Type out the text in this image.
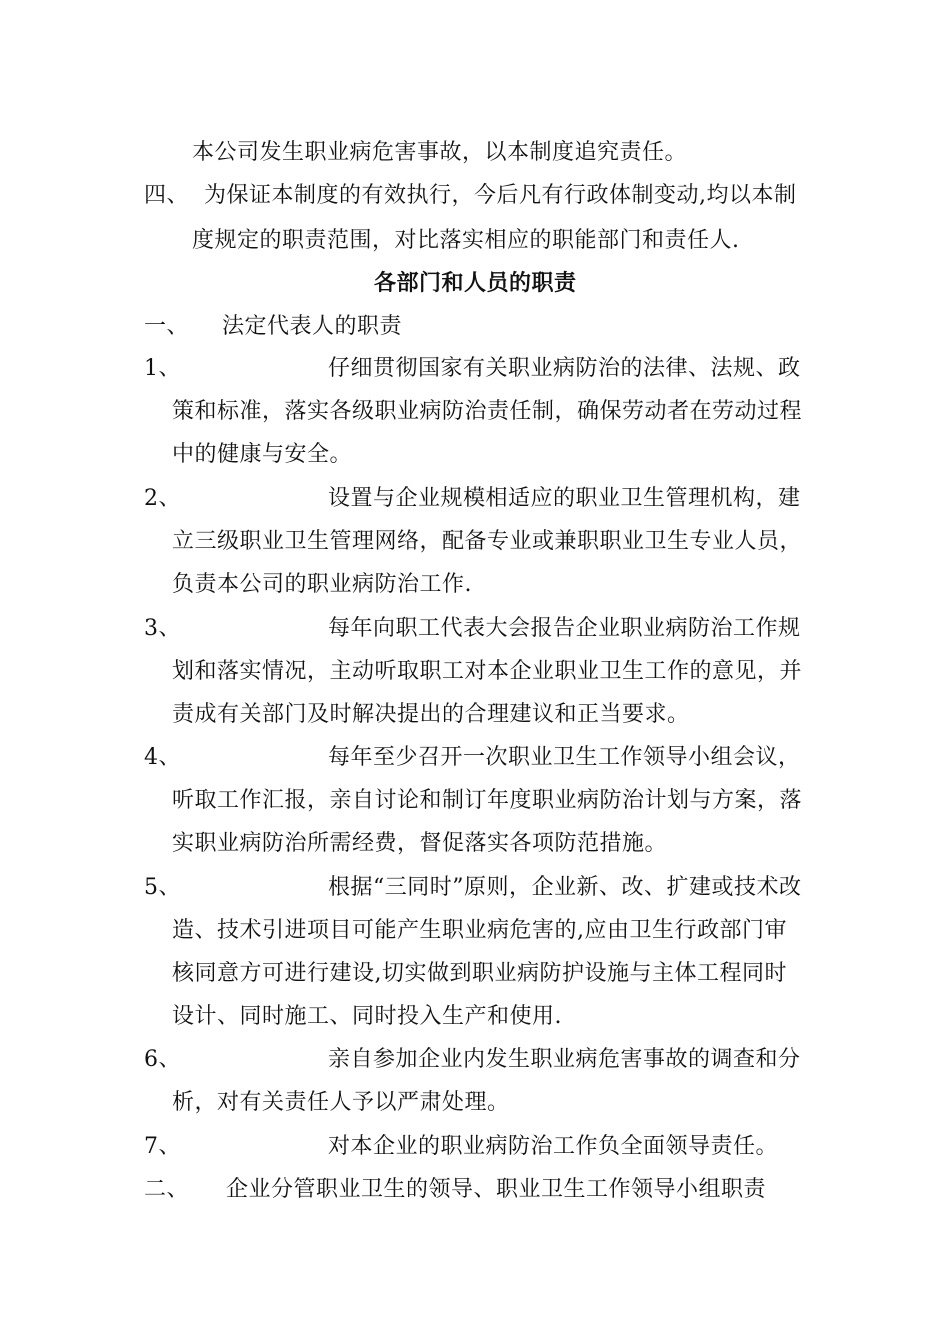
本公司发生职业病危害事故，以本制度追究责任。
四、 为保证本制度的有效执行，今后凡有行政体制变动,均以本制
度规定的职责范围，对比落实相应的职能部门和责任人.
各部门和人员的职责
一、 法定代表人的职责
1、	仔细贯彻国家有关职业病防治的法律、法规、政
策和标准，落实各级职业病防治责任制，确保劳动者在劳动过程
中的健康与安全。
2、	设置与企业规模相适应的职业卫生管理机构，建
立三级职业卫生管理网络，配备专业或兼职职业卫生专业人员，
负责本公司的职业病防治工作.
3、	每年向职工代表大会报告企业职业病防治工作规
划和落实情况，主动听取职工对本企业职业卫生工作的意见，并
责成有关部门及时解决提出的合理建议和正当要求。
4、	每年至少召开一次职业卫生工作领导小组会议，
听取工作汇报，亲自讨论和制订年度职业病防治计划与方案，落
实职业病防治所需经费，督促落实各项防范措施。
5、	根据“三同时”原则，企业新、改、扩建或技术改
造、技术引进项目可能产生职业病危害的,应由卫生行政部门审
核同意方可进行建设,切实做到职业病防护设施与主体工程同时
设计、同时施工、同时投入生产和使用.
6、	亲自参加企业内发生职业病危害事故的调查和分
析，对有关责任人予以严肃处理。
7、	对本企业的职业病防治工作负全面领导责任。
二、 企业分管职业卫生的领导、职业卫生工作领导小组职责
